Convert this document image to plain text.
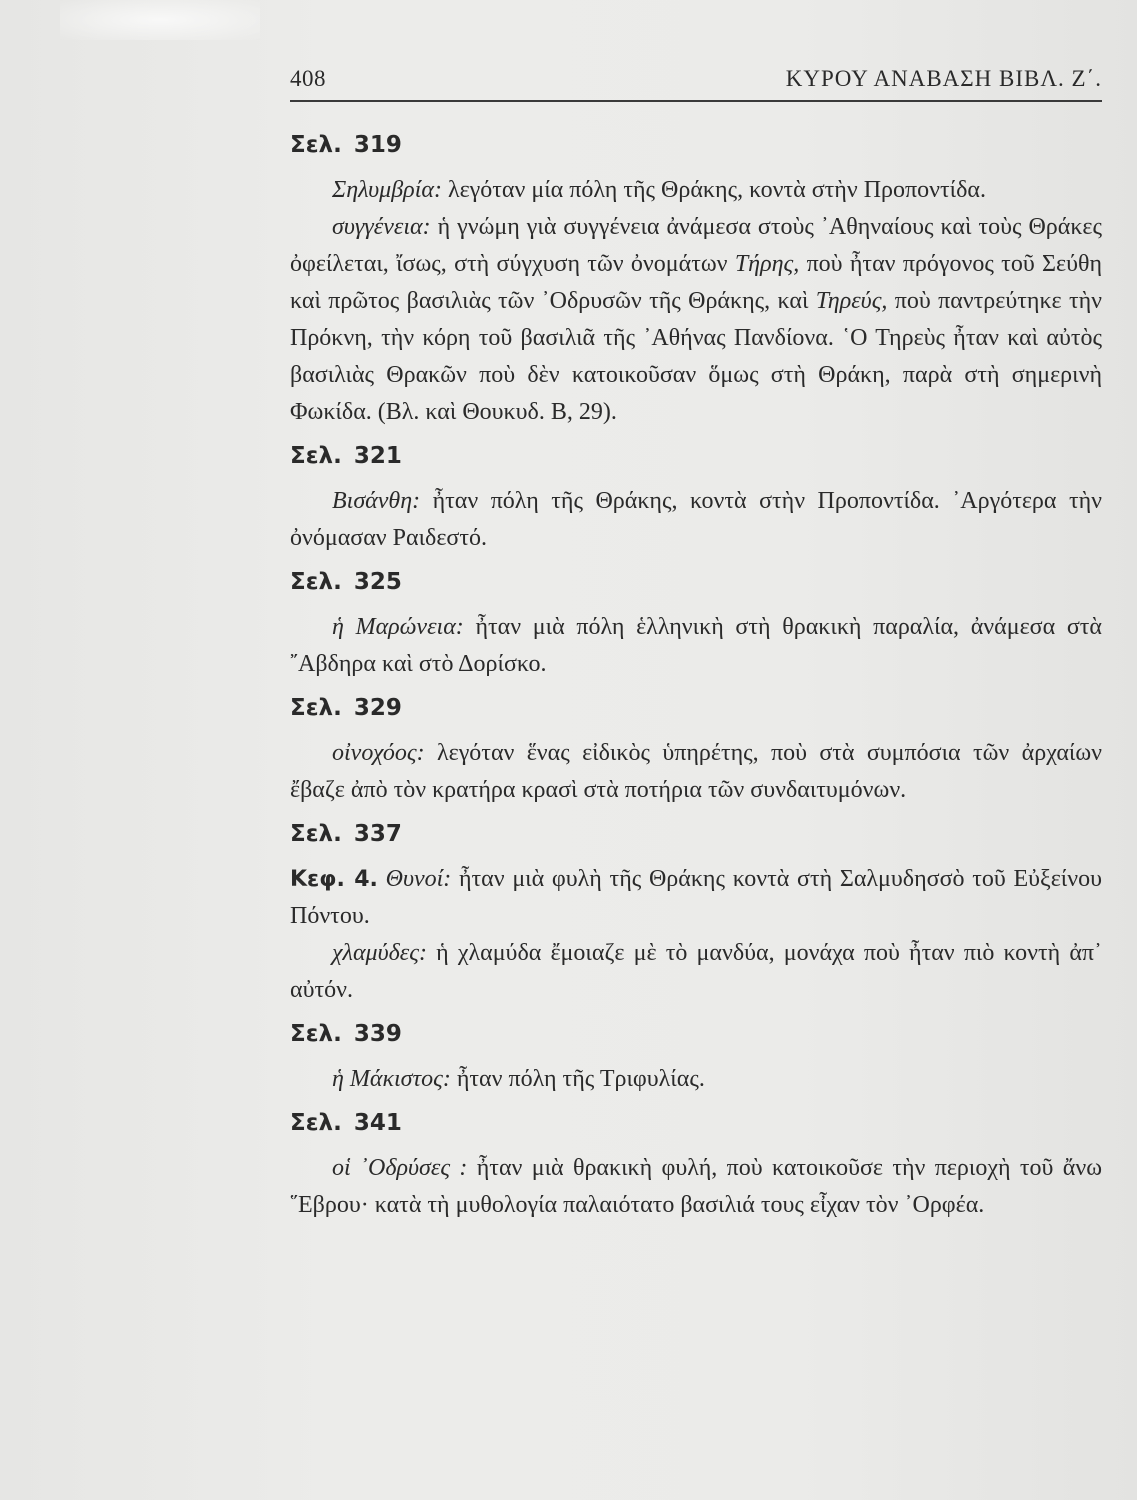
408	ΚΥΡΟΥ ΑΝΑΒΑΣΗ ΒΙΒΛ. Ζ΄.
Σελ. 319

Σηλυμβρία: λεγόταν μία πόλη τῆς Θράκης, κοντὰ στὴν Προποντίδα.

συγγένεια: ἡ γνώμη γιὰ συγγένεια ἀνάμεσα στοὺς ᾿Αθηναίους καὶ τοὺς Θράκες ὀφείλεται, ἴσως, στὴ σύγχυση τῶν ὀνομάτων Τήρης, ποὺ ἦταν πρόγονος τοῦ Σεύθη καὶ πρῶτος βασιλιὰς τῶν ᾿Οδρυσῶν τῆς Θράκης, καὶ Τηρεύς, ποὺ παντρεύτηκε τὴν Πρόκνη, τὴν κόρη τοῦ βασιλιᾶ τῆς ᾿Αθήνας Πανδίονα. ῾Ο Τηρεὺς ἦταν καὶ αὐτὸς βασιλιὰς Θρακῶν ποὺ δὲν κατοικοῦσαν ὅμως στὴ Θράκη, παρὰ στὴ σημερινὴ Φωκίδα. (Βλ. καὶ Θουκυδ. Β, 29).

Σελ. 321

Βισάνθη: ἦταν πόλη τῆς Θράκης, κοντὰ στὴν Προποντίδα. ᾿Αργότερα τὴν ὀνόμασαν Ραιδεστό.

Σελ. 325

ἡ Μαρώνεια: ἦταν μιὰ πόλη ἑλληνικὴ στὴ θρακικὴ παραλία, ἀνάμεσα στὰ ῎Αβδηρα καὶ στὸ Δορίσκο.

Σελ. 329

οἰνοχόος: λεγόταν ἕνας εἰδικὸς ὑπηρέτης, ποὺ στὰ συμπόσια τῶν ἀρχαίων ἔβαζε ἀπὸ τὸν κρατήρα κρασὶ στὰ ποτήρια τῶν συνδαιτυμόνων.

Σελ. 337

Κεφ. 4. Θυνοί: ἦταν μιὰ φυλὴ τῆς Θράκης κοντὰ στὴ Σαλμυδησσὸ τοῦ Εὐξείνου Πόντου.

χλαμύδες: ἡ χλαμύδα ἔμοιαζε μὲ τὸ μανδύα, μονάχα ποὺ ἦταν πιὸ κοντὴ ἀπ᾿ αὐτόν.

Σελ. 339

ἡ Μάκιστος: ἦταν πόλη τῆς Τριφυλίας.

Σελ. 341

οἱ ᾿Οδρύσες : ἦταν μιὰ θρακικὴ φυλή, ποὺ κατοικοῦσε τὴν περιοχὴ τοῦ ἄνω ῞Εβρου· κατὰ τὴ μυθολογία παλαιότατο βασιλιά τους εἶχαν τὸν ᾿Ορφέα.
